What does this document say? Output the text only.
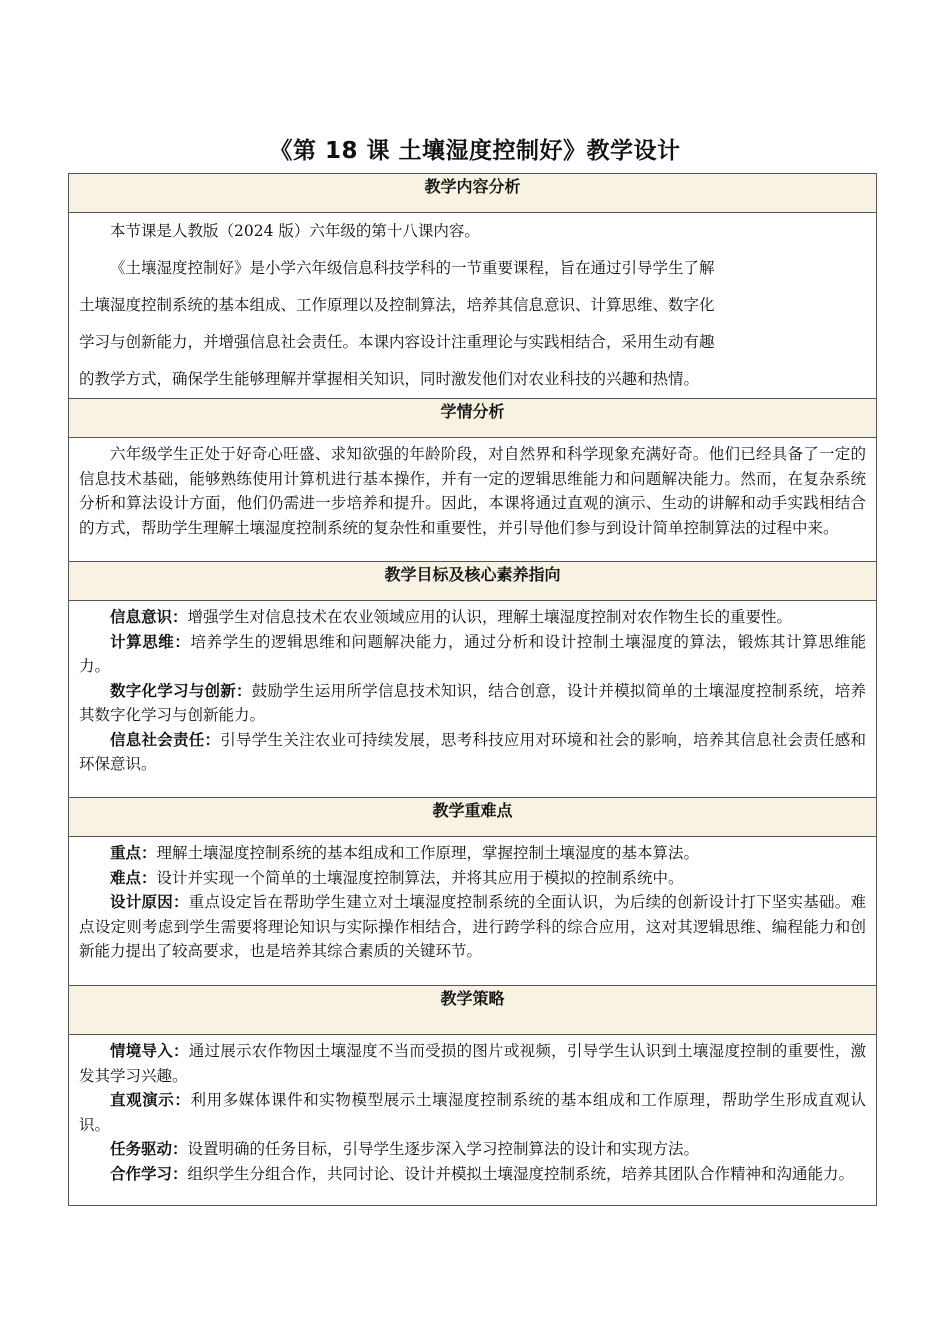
《第 18 课 土壤湿度控制好》教学设计
教学内容分析

本节课是人教版（2024 版）六年级的第十八课内容。
《土壤湿度控制好》是小学六年级信息科技学科的一节重要课程，旨在通过引导学生了解
土壤湿度控制系统的基本组成、工作原理以及控制算法，培养其信息意识、计算思维、数字化
学习与创新能力，并增强信息社会责任。本课内容设计注重理论与实践相结合，采用生动有趣
的教学方式，确保学生能够理解并掌握相关知识，同时激发他们对农业科技的兴趣和热情。

学情分析

六年级学生正处于好奇心旺盛、求知欲强的年龄阶段，对自然界和科学现象充满好奇。他们已经具备了一定的信息技术基础，能够熟练使用计算机进行基本操作，并有一定的逻辑思维能力和问题解决能力。然而，在复杂系统分析和算法设计方面，他们仍需进一步培养和提升。因此，本课将通过直观的演示、生动的讲解和动手实践相结合的方式，帮助学生理解土壤湿度控制系统的复杂性和重要性，并引导他们参与到设计简单控制算法的过程中来。

教学目标及核心素养指向

信息意识：增强学生对信息技术在农业领域应用的认识，理解土壤湿度控制对农作物生长的重要性。
计算思维：培养学生的逻辑思维和问题解决能力，通过分析和设计控制土壤湿度的算法，锻炼其计算思维能力。
数字化学习与创新：鼓励学生运用所学信息技术知识，结合创意，设计并模拟简单的土壤湿度控制系统，培养其数字化学习与创新能力。
信息社会责任：引导学生关注农业可持续发展，思考科技应用对环境和社会的影响，培养其信息社会责任感和环保意识。

教学重难点

重点：理解土壤湿度控制系统的基本组成和工作原理，掌握控制土壤湿度的基本算法。
难点：设计并实现一个简单的土壤湿度控制算法，并将其应用于模拟的控制系统中。
设计原因：重点设定旨在帮助学生建立对土壤湿度控制系统的全面认识，为后续的创新设计打下坚实基础。难点设定则考虑到学生需要将理论知识与实际操作相结合，进行跨学科的综合应用，这对其逻辑思维、编程能力和创新能力提出了较高要求，也是培养其综合素质的关键环节。

教学策略

情境导入：通过展示农作物因土壤湿度不当而受损的图片或视频，引导学生认识到土壤湿度控制的重要性，激发其学习兴趣。
直观演示：利用多媒体课件和实物模型展示土壤湿度控制系统的基本组成和工作原理，帮助学生形成直观认识。
任务驱动：设置明确的任务目标，引导学生逐步深入学习控制算法的设计和实现方法。
合作学习：组织学生分组合作，共同讨论、设计并模拟土壤湿度控制系统，培养其团队合作精神和沟通能力。
